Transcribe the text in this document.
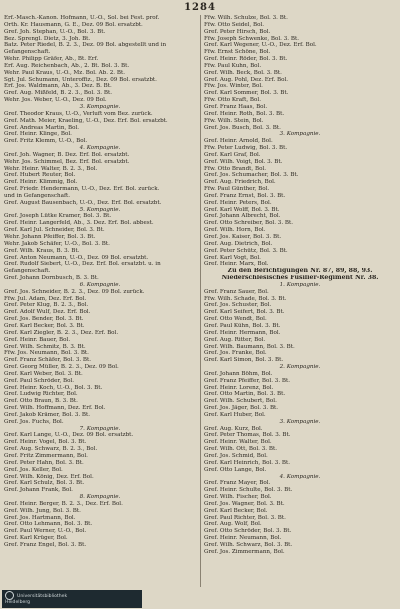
1284
Erf.-Masch.-Kanon. Hofmann, U.-O., Sol. bei Fest. prof.
Orth. Kr. Hausmann, G. E., Dez. 09 Bol. ersatzbt.
Gref. Joh. Stephan, U.-O., Bol. 3. Bt.
Bez. Sprengl. Dietz, 3. Joh. Bt.
Batz. Peter Riedel, B. 2. 3., Dez. 09 Bol. abgestellt und in
Gefangenschaft.
Wehr. Philipp Gräfer, Ab., Bt. Erf.
Erf. Aug. Reichenbach, Ab., 2. Bt. Bol. 3. Bt.
Wehr. Paul Kraus, U.-O., Mz. Bol. Ab. 2. Bt.
Sgt. Jul. Schumann, Unteroffiz., Dez. 09 Bol. ersatzbt.
Erf. Jos. Waldmann, Ab., 3. Dez. B. Bt.
Gref. Aug. Mißfeld, B. 2. 3., Bol. 3. Bt.
Wehr. Jos. Weber, U.-O., Dez. 09 Bol.
3. Kompagnie.
Gref. Theodor Kraus, U.-O., Verluft vom Bez. zurück.
Gref. Math. Meier, Kraeling, U.-O., Dez. Erf. Bol. ersatzbt.
Gref. Andreas Martin, Bol.
Gref. Heinr. Klinge, Bol.
Gref. Fritz Klemm, U.-O., Bol.
4. Kompagnie.
Gref. Joh. Wagner, B. Dez. Erf. Bol. ersatzbt.
Wehr. Jos. Schimmel, Bez. Erf. Bol. ersatzbt.
Wehr. Heinr. Walter, B. 2. 3., Bol.
Gref. Hubert Reuter, Bol.
Gref. Heinr. Klimmig, Bol.
Gref. Friedr. Hendermann, U.-O., Dez. Erf. Bol. zurück.
und in Gefangenschaft.
Gref. August Bausenbach, U.-O., Dez. Erf. Bol. ersatzbt.
5. Kompagnie.
Gref. Joseph Lütke Kramer, Bol. 3. Bt.
Gref. Heinr. Langerfeld, Ab., 3. Dez. Erf. Bol. abbest.
Gref. Karl Jul. Schneider, Bol. 3. Bt.
Wehr. Johann Pfeiffer, Bol. 3. Bt.
Wehr. Jakob Schäfer, U.-O., Bol. 3. Bt.
Gref. Wilh. Kraus, B. 3. Bt.
Gref. Anton Neumann, U.-O., Dez. 09 Bol. ersatzbt.
Gref. Rudolf Siebert, U.-O., Dez. Erf. Bol. ersatzbt. u. in
Gefangenschaft.
Gref. Johann Dornbusch, B. 3. Bt.
6. Kompagnie.
Gref. Jos. Schneider, B. 2. 3., Dez. 09 Bol. zurück.
Ffw. Jul. Adam, Dez. Erf. Bol.
Gref. Peter Klug, B. 2. 3., Bol.
Gref. Adolf Wulf, Dez. Erf. Bol.
Gref. Jos. Bender, Bol. 3. Bt.
Gref. Karl Becker, Bol. 3. Bt.
Gref. Karl Ziegler, B. 2. 3., Dez. Erf. Bol.
Gref. Heinr. Bauer, Bol.
Gref. Wilh. Schmitz, B. 3. Bt.
Ffw. Jos. Neumann, Bol. 3. Bt.
Gref. Franz Schäfer, Bol. 3. Bt.
Gref. Georg Müller, B. 2. 3., Dez. 09 Bol.
Gref. Karl Weber, Bol. 3. Bt.
Gref. Paul Schröder, Bol.
Gref. Heinr. Koch, U.-O., Bol. 3. Bt.
Gref. Ludwig Richter, Bol.
Gref. Otto Braun, B. 3. Bt.
Gref. Wilh. Hoffmann, Dez. Erf. Bol.
Gref. Jakob Krämer, Bol. 3. Bt.
Gref. Jos. Fuchs, Bol.
7. Kompagnie.
Gref. Karl Lange, U.-O., Dez. 09 Bol. ersatzbt.
Gref. Heinr. Vogel, Bol. 3. Bt.
Gref. Aug. Schwarz, B. 2. 3., Bol.
Gref. Fritz Zimmermann, Bol.
Gref. Peter Hahn, Bol. 3. Bt.
Gref. Jos. Keller, Bol.
Gref. Wilh. König, Dez. Erf. Bol.
Gref. Karl Schulz, Bol. 3. Bt.
Gref. Johann Frank, Bol.
8. Kompagnie.
Gref. Heinr. Berger, B. 2. 3., Dez. Erf. Bol.
Gref. Wilh. Jung, Bol. 3. Bt.
Gref. Jos. Hartmann, Bol.
Gref. Otto Lehmann, Bol. 3. Bt.
Gref. Paul Werner, U.-O., Bol.
Gref. Karl Krüger, Bol.
Gref. Franz Engel, Bol. 3. Bt.
Ffw. Wilh. Schulze, Bol. 3. Bt.
Ffw. Otto Seidel, Bol.
Gref. Peter Hirsch, Bol.
Ffw. Joseph Schwenke, Bol. 3. Bt.
Gref. Karl Wegener, U.-O., Dez. Erf. Bol.
Ffw. Ernst Schöne, Bol.
Gref. Heinr. Röder, Bol. 3. Bt.
Ffw. Paul Kuhn, Bol.
Gref. Wilh. Beck, Bol. 3. Bt.
Gref. Aug. Pohl, Dez. Erf. Bol.
Ffw. Jos. Winter, Bol.
Gref. Karl Sommer, Bol. 3. Bt.
Ffw. Otto Kraft, Bol.
Gref. Franz Haas, Bol.
Gref. Heinr. Roth, Bol. 3. Bt.
Ffw. Wilh. Stein, Bol.
Gref. Jos. Busch, Bol. 3. Bt.
3. Kompagnie.
Gref. Heinr. Arnold, Bol.
Ffw. Peter Ludwig, Bol. 3. Bt.
Gref. Karl Graf, Bol.
Gref. Wilh. Voigt, Bol. 3. Bt.
Ffw. Otto Brandt, Bol.
Gref. Jos. Schumacher, Bol. 3. Bt.
Gref. Aug. Friedrich, Bol.
Ffw. Paul Günther, Bol.
Gref. Franz Ernst, Bol. 3. Bt.
Gref. Heinr. Peters, Bol.
Gref. Karl Wolff, Bol. 3. Bt.
Gref. Johann Albrecht, Bol.
Gref. Otto Schreiber, Bol. 3. Bt.
Gref. Wilh. Horn, Bol.
Gref. Jos. Kaiser, Bol. 3. Bt.
Gref. Aug. Dietrich, Bol.
Gref. Peter Schütz, Bol. 3. Bt.
Gref. Karl Vogt, Bol.
Gref. Heinr. Marx, Bol.
Zu den Berichtigungen Nr. 87, 89, 88, 93.
Niederschlesisches Füsilier-Regiment Nr. 38.
1. Kompagnie.
Gref. Franz Sauer, Bol.
Ffw. Wilh. Schade, Bol. 3. Bt.
Gref. Jos. Schuster, Bol.
Gref. Karl Seifert, Bol. 3. Bt.
Gref. Otto Wendt, Bol.
Gref. Paul Kühn, Bol. 3. Bt.
Gref. Heinr. Hermann, Bol.
Gref. Aug. Ritter, Bol.
Gref. Wilh. Baumann, Bol. 3. Bt.
Gref. Jos. Franke, Bol.
Gref. Karl Simon, Bol. 3. Bt.
2. Kompagnie.
Gref. Johann Böhm, Bol.
Gref. Franz Pfeiffer, Bol. 3. Bt.
Gref. Heinr. Lorenz, Bol.
Gref. Otto Martin, Bol. 3. Bt.
Gref. Wilh. Schubert, Bol.
Gref. Jos. Jäger, Bol. 3. Bt.
Gref. Karl Huber, Bol.
3. Kompagnie.
Gref. Aug. Kurz, Bol.
Gref. Peter Thomas, Bol. 3. Bt.
Gref. Heinr. Walter, Bol.
Gref. Wilh. Ott, Bol. 3. Bt.
Gref. Jos. Schmid, Bol.
Gref. Karl Heinrich, Bol. 3. Bt.
Gref. Otto Lange, Bol.
4. Kompagnie.
Gref. Franz Mayer, Bol.
Gref. Heinr. Schulte, Bol. 3. Bt.
Gref. Wilh. Fischer, Bol.
Gref. Jos. Wagner, Bol. 3. Bt.
Gref. Karl Becker, Bol.
Gref. Paul Richter, Bol. 3. Bt.
Gref. Aug. Wolf, Bol.
Gref. Otto Schröder, Bol. 3. Bt.
Gref. Heinr. Neumann, Bol.
Gref. Wilh. Schwarz, Bol. 3. Bt.
Gref. Jos. Zimmermann, Bol.
Universitätsbibliothek
Heidelberg
